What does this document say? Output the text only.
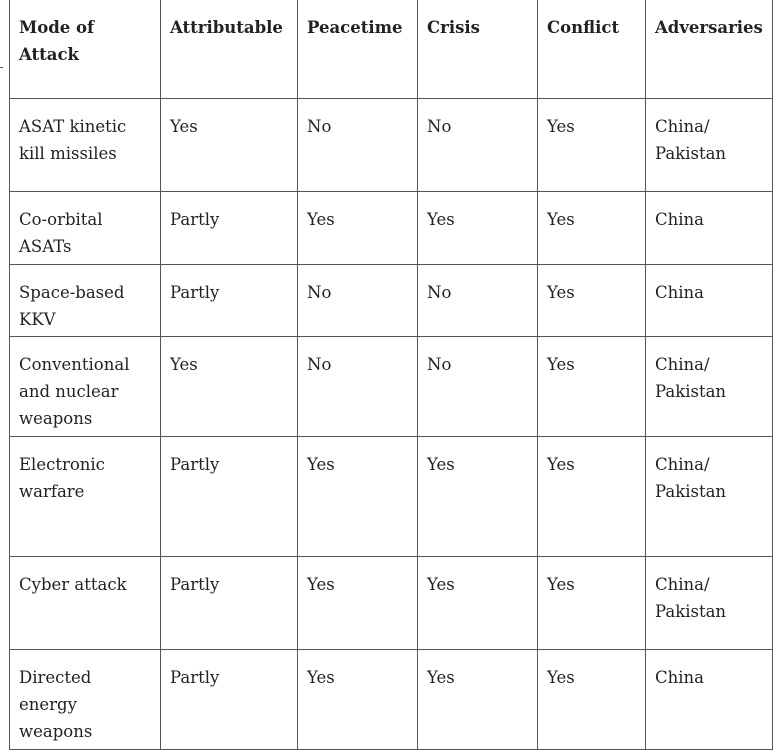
Mode of Attack	Attributable	Peacetime	Crisis	Conflict	Adversaries
ASAT kinetic kill missiles	Yes	No	No	Yes	China/ Pakistan
Co-orbital ASATs	Partly	Yes	Yes	Yes	China
Space-based KKV	Partly	No	No	Yes	China
Conventional and nuclear weapons	Yes	No	No	Yes	China/ Pakistan
Electronic warfare	Partly	Yes	Yes	Yes	China/ Pakistan
Cyber attack	Partly	Yes	Yes	Yes	China/ Pakistan
Directed energy weapons	Partly	Yes	Yes	Yes	China
